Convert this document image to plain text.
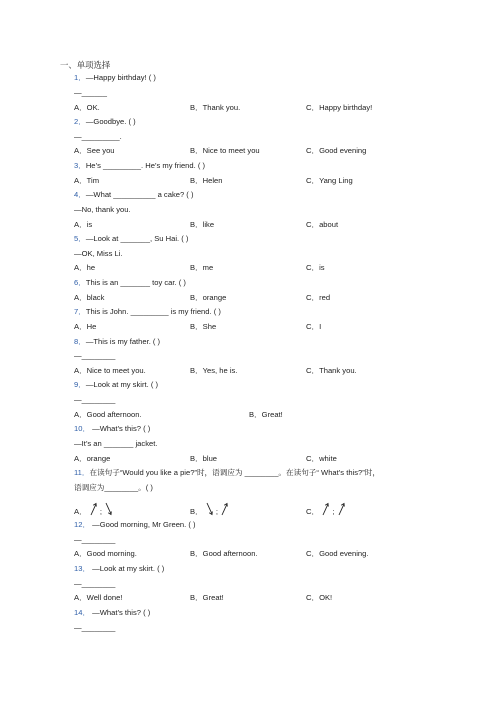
一、单项选择
1．—Happy birthday! ( )
—______
A．OK.	B．Thank you.	C．Happy birthday!
2．—Goodbye. ( )
—_________.
A．See you	B．Nice to meet you	C．Good evening
3．He’s _________. He’s my friend. ( )
A．Tim	B．Helen	C．Yang Ling
4．—What __________ a cake? ( )
—No, thank you.
A．is	B．like	C．about
5．—Look at _______, Su Hai. ( )
—OK, Miss Li.
A．he	B．me	C．is
6．This is an _______ toy car. ( )
A．black	B．orange	C．red
7．This is John. _________ is my friend. ( )
A．He	B．She	C．I
8．—This is my father. ( )
—________
A．Nice to meet you.	B．Yes, he is.	C．Thank you.
9．—Look at my skirt. ( )
—________
A．Good afternoon.	B．Great!
10． —What’s this? ( )
—It’s an _______ jacket.
A．orange	B．blue	C．white
11．在读句子“Would you like a pie?”时，语调应为 ________。在读句子“ What’s this?”时，
语调应为________。( )
A． ;	B． ;	C． ;
12． —Good morning, Mr Green. ( )
—________
A．Good morning.	B．Good afternoon.	C．Good evening.
13． —Look at my skirt. ( )
—________
A．Well done!	B．Great!	C．OK!
14． —What’s this? ( )
—________
